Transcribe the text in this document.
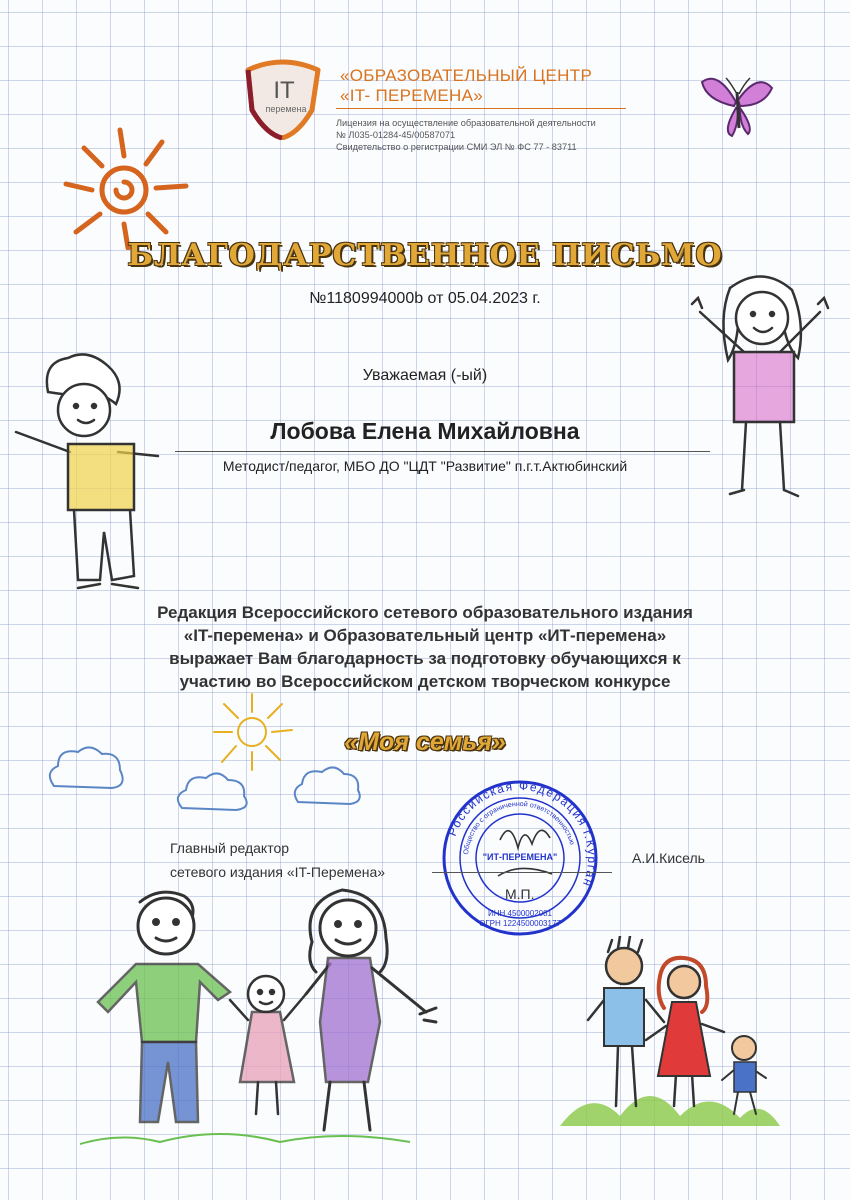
IT
перемена
«ОБРАЗОВАТЕЛЬНЫЙ ЦЕНТР
«IT- ПЕРЕМЕНА»
Лицензия на осуществление образовательной деятельности
№ Л035-01284-45/00587071
Свидетельство о регистрации СМИ ЭЛ № ФС 77 - 83711
БЛАГОДАРСТВЕННОЕ ПИСЬМО
№1180994000b от 05.04.2023 г.
Уважаемая (-ый)
Лобова Елена Михайловна
Методист/педагог, МБО ДО "ЦДТ "Развитие" п.г.т.Актюбинский
Редакция Всероссийского сетевого образовательного издания
«IT-перемена» и Образовательный центр «ИТ-перемена»
выражает Вам благодарность за подготовку обучающихся к
участию во Всероссийском детском творческом конкурсе
«Моя семья»
Российская Федерация г.Курган
Общество с ограниченной ответственностью
"ИТ-ПЕРЕМЕНА"
ИНН 4500002081
ОГРН 1224500003177
Главный редактор
сетевого издания «IT-Перемена»
А.И.Кисель
М.П.
